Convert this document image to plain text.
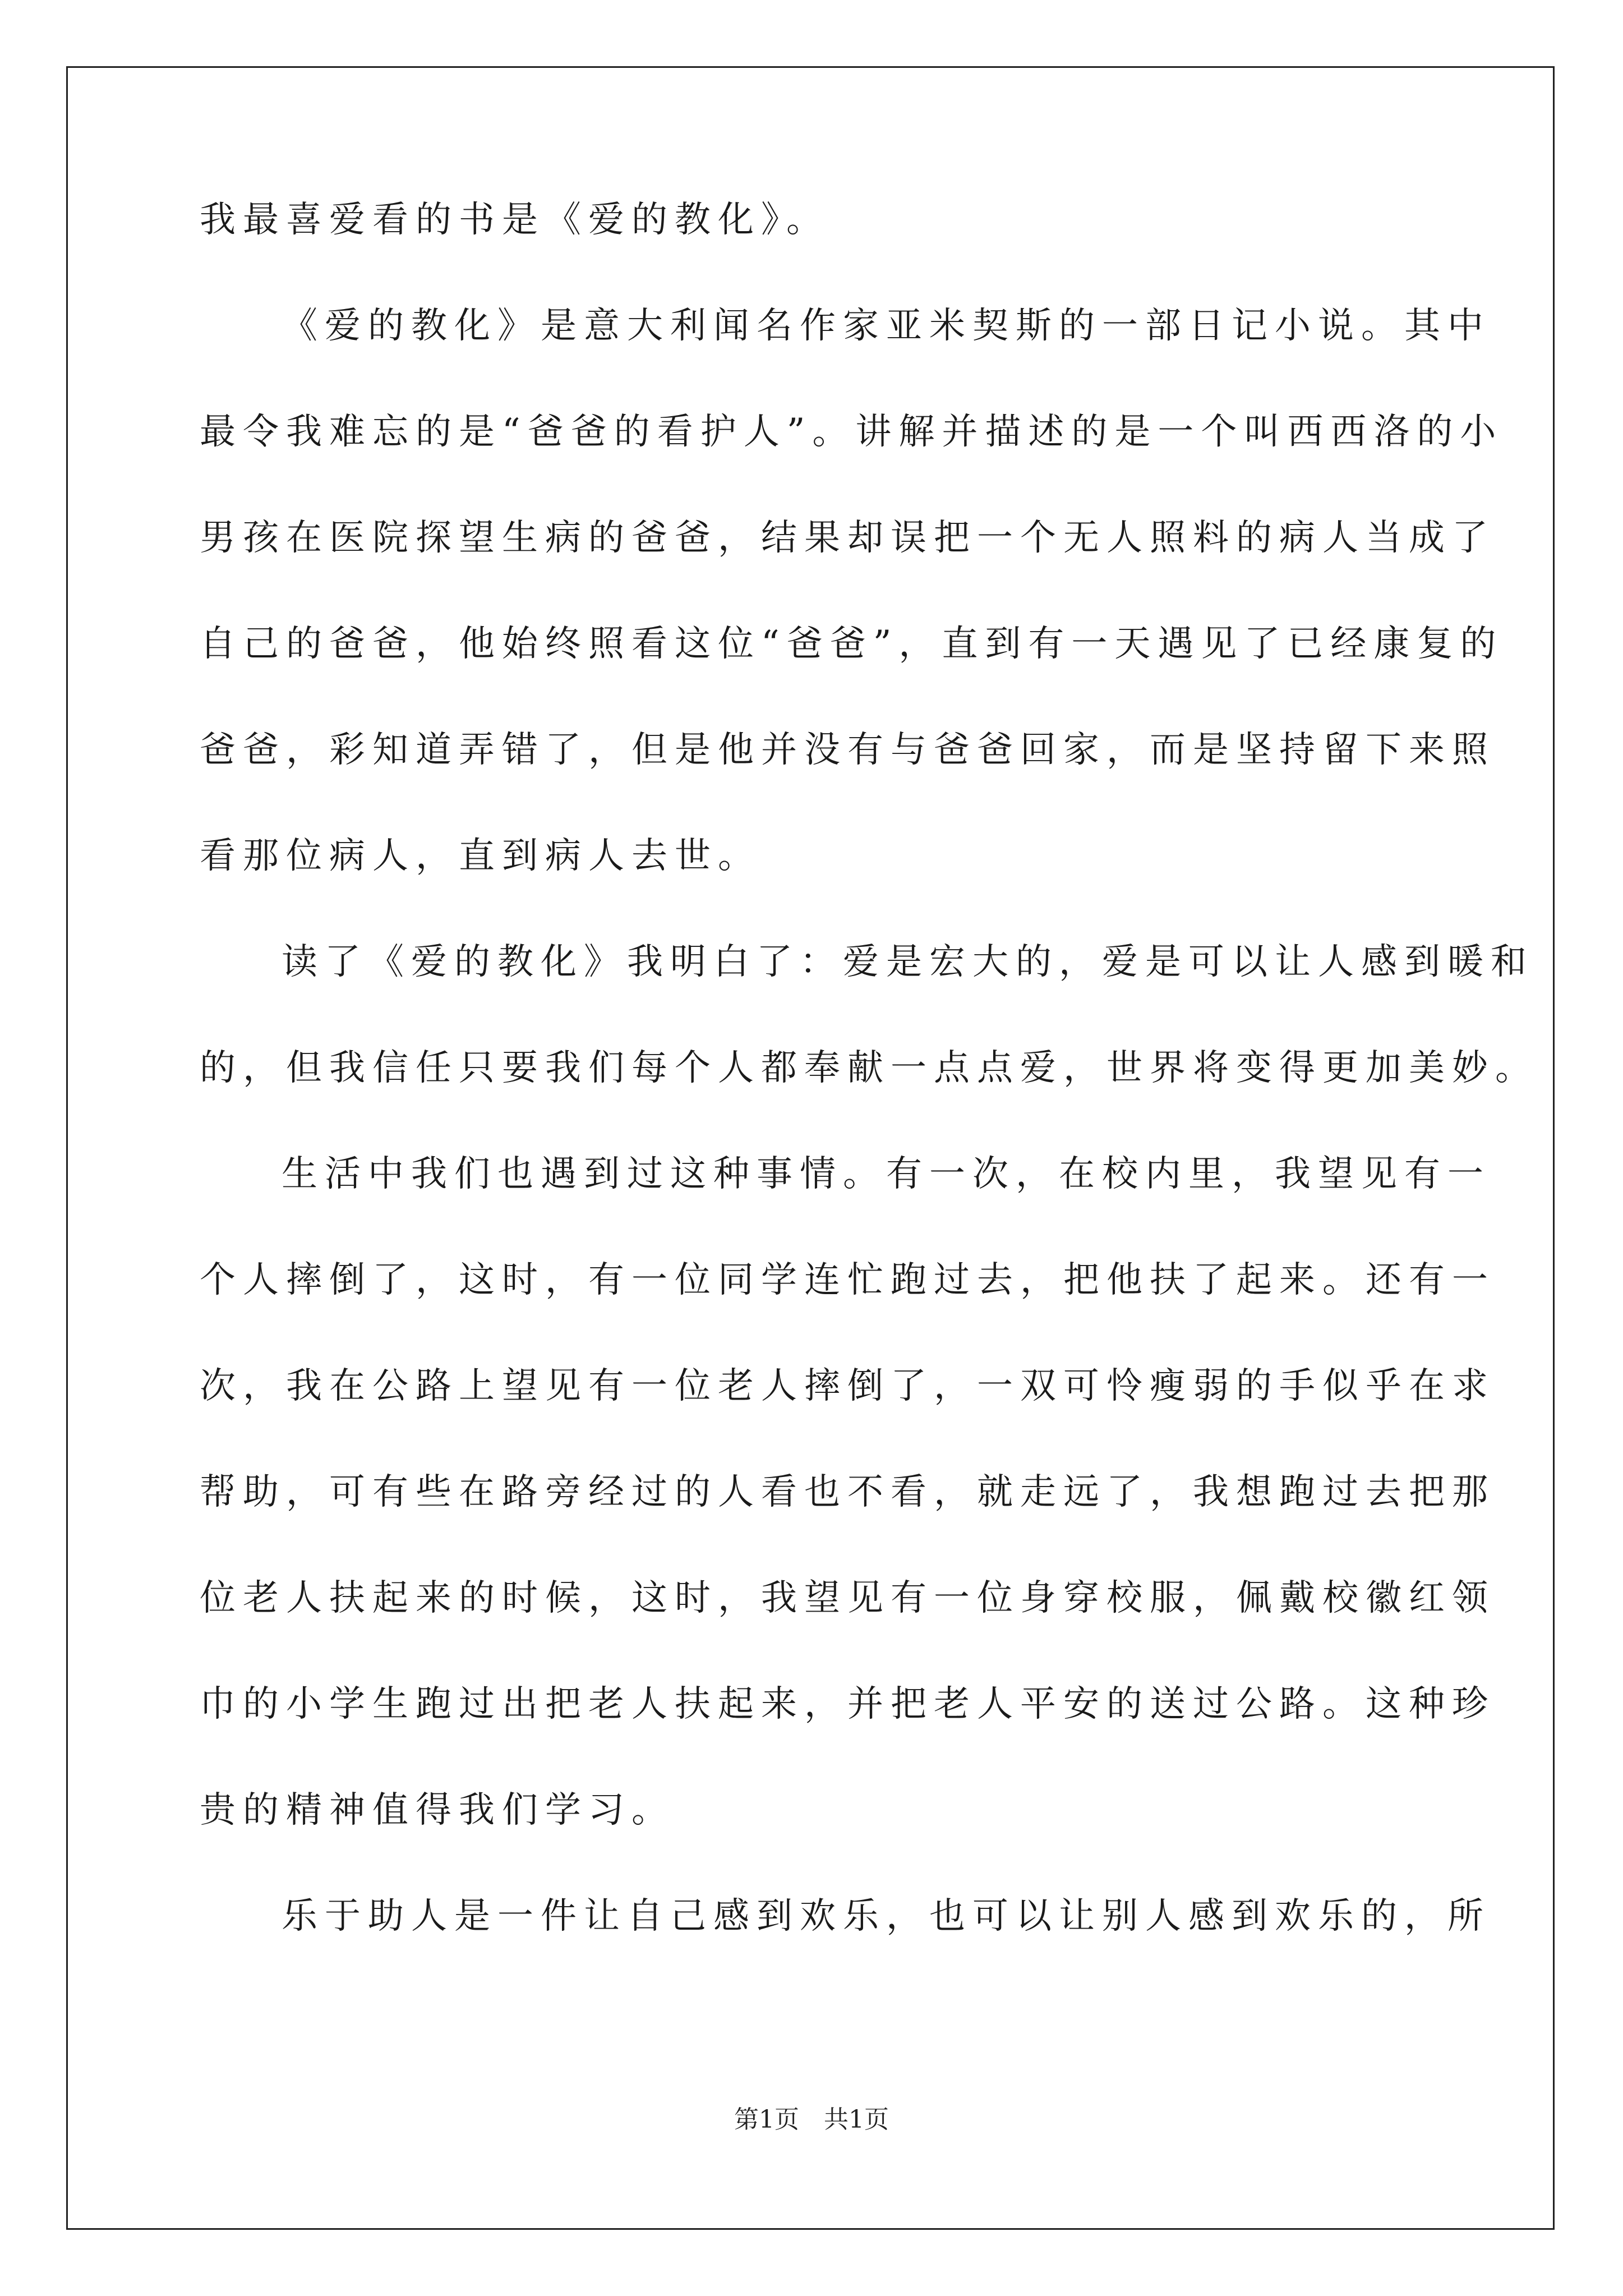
我最喜爱看的书是《爱的教化》。
《爱的教化》是意大利闻名作家亚米契斯的一部日记小说。其中
最令我难忘的是“爸爸的看护人”。讲解并描述的是一个叫西西洛的小
男孩在医院探望生病的爸爸，结果却误把一个无人照料的病人当成了
自己的爸爸，他始终照看这位“爸爸”，直到有一天遇见了已经康复的
爸爸，彩知道弄错了，但是他并没有与爸爸回家，而是坚持留下来照
看那位病人，直到病人去世。
读了《爱的教化》我明白了：爱是宏大的，爱是可以让人感到暖和
的，但我信任只要我们每个人都奉献一点点爱，世界将变得更加美妙。
生活中我们也遇到过这种事情。有一次，在校内里，我望见有一
个人摔倒了，这时，有一位同学连忙跑过去，把他扶了起来。还有一
次，我在公路上望见有一位老人摔倒了，一双可怜瘦弱的手似乎在求
帮助，可有些在路旁经过的人看也不看，就走远了，我想跑过去把那
位老人扶起来的时候，这时，我望见有一位身穿校服，佩戴校徽红领
巾的小学生跑过出把老人扶起来，并把老人平安的送过公路。这种珍
贵的精神值得我们学习。
乐于助人是一件让自己感到欢乐，也可以让别人感到欢乐的，所
第1页　共1页
